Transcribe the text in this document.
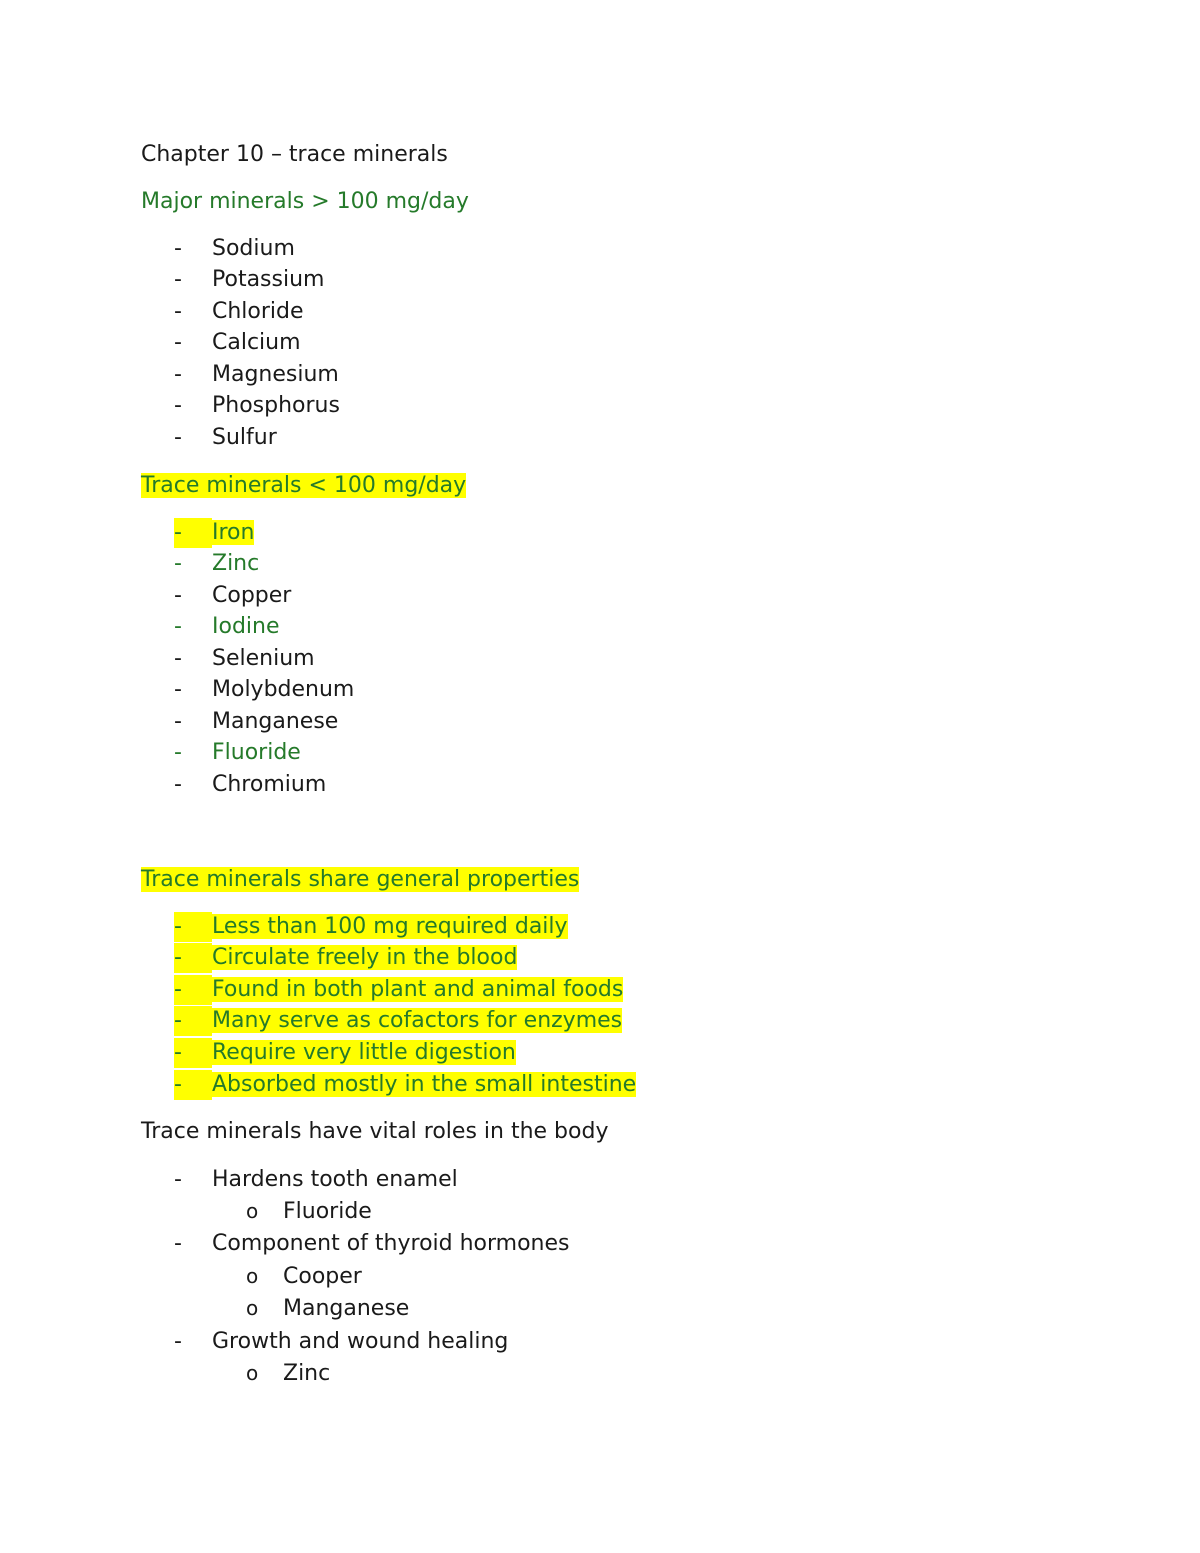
Chapter 10 – trace minerals
Major minerals > 100 mg/day
- Sodium
- Potassium
- Chloride
- Calcium
- Magnesium
- Phosphorus
- Sulfur
Trace minerals < 100 mg/day
- Iron
- Zinc
- Copper
- Iodine
- Selenium
- Molybdenum
- Manganese
- Fluoride
- Chromium
Trace minerals share general properties
- Less than 100 mg required daily
- Circulate freely in the blood
- Found in both plant and animal foods
- Many serve as cofactors for enzymes
- Require very little digestion
- Absorbed mostly in the small intestine
Trace minerals have vital roles in the body
- Hardens tooth enamel
o Fluoride
- Component of thyroid hormones
o Cooper
o Manganese
- Growth and wound healing
o Zinc
